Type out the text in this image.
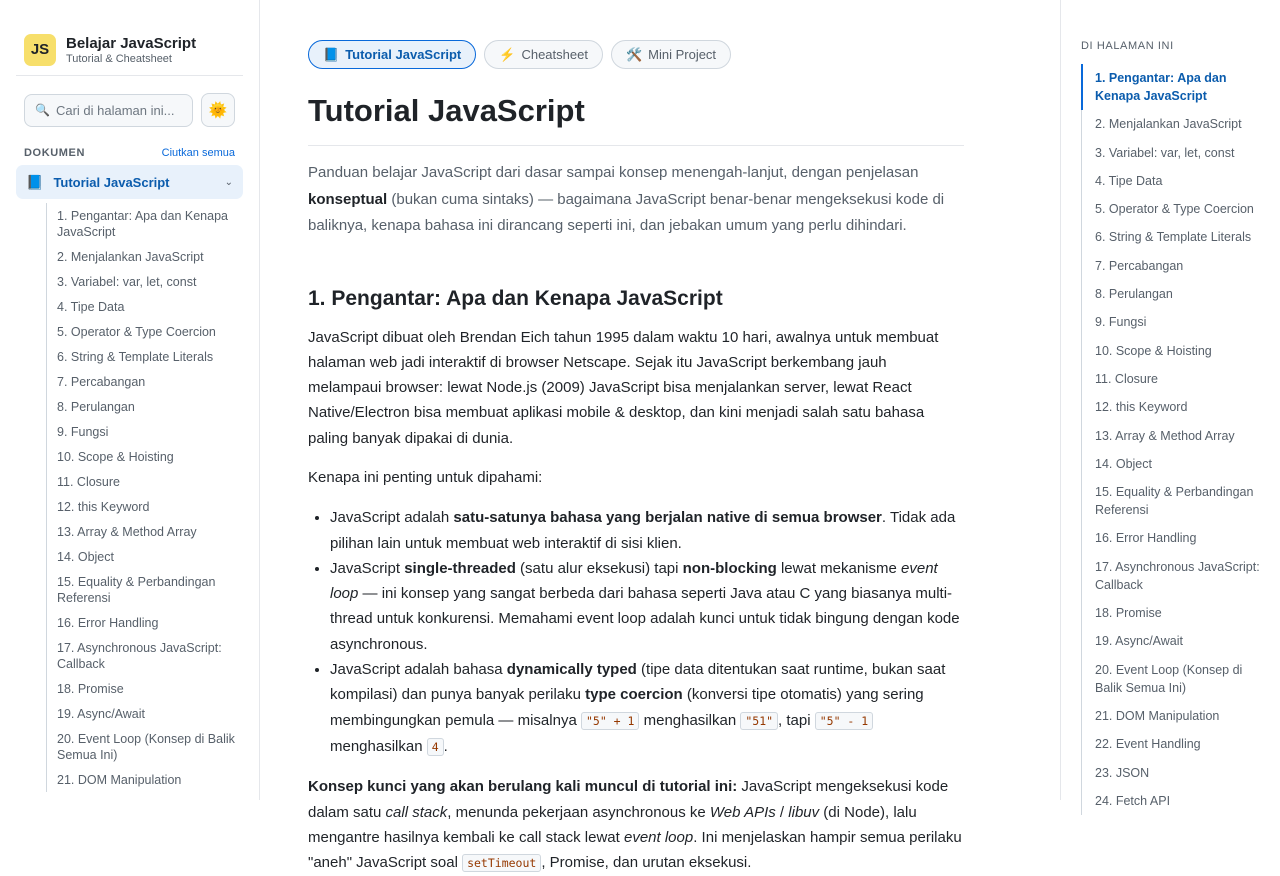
JS	Belajar JavaScript
Tutorial & Cheatsheet
🔍
Cari di halaman ini...	🌞
DOKUMEN	Ciutkan semua
📘 Tutorial JavaScript	⌄
1. Pengantar: Apa dan Kenapa JavaScript
2. Menjalankan JavaScript
3. Variabel: var, let, const
4. Tipe Data
5. Operator & Type Coercion
6. String & Template Literals
7. Percabangan
8. Perulangan
9. Fungsi
10. Scope & Hoisting
11. Closure
12. this Keyword
13. Array & Method Array
14. Object
15. Equality & Perbandingan Referensi
16. Error Handling
17. Asynchronous JavaScript: Callback
18. Promise
19. Async/Await
20. Event Loop (Konsep di Balik Semua Ini)
21. DOM Manipulation
📘 Tutorial JavaScript	⚡ Cheatsheet	🛠️ Mini Project
Tutorial JavaScript

Panduan belajar JavaScript dari dasar sampai konsep menengah-lanjut, dengan penjelasan konseptual (bukan cuma sintaks) — bagaimana JavaScript benar-benar mengeksekusi kode di baliknya, kenapa bahasa ini dirancang seperti ini, dan jebakan umum yang perlu dihindari.

1. Pengantar: Apa dan Kenapa JavaScript

JavaScript dibuat oleh Brendan Eich tahun 1995 dalam waktu 10 hari, awalnya untuk membuat halaman web jadi interaktif di browser Netscape. Sejak itu JavaScript berkembang jauh melampaui browser: lewat Node.js (2009) JavaScript bisa menjalankan server, lewat React Native/Electron bisa membuat aplikasi mobile & desktop, dan kini menjadi salah satu bahasa paling banyak dipakai di dunia.

Kenapa ini penting untuk dipahami:

• JavaScript adalah satu-satunya bahasa yang berjalan native di semua browser. Tidak ada pilihan lain untuk membuat web interaktif di sisi klien.
• JavaScript single-threaded (satu alur eksekusi) tapi non-blocking lewat mekanisme event loop — ini konsep yang sangat berbeda dari bahasa seperti Java atau C yang biasanya multi-thread untuk konkurensi. Memahami event loop adalah kunci untuk tidak bingung dengan kode asynchronous.
• JavaScript adalah bahasa dynamically typed (tipe data ditentukan saat runtime, bukan saat kompilasi) dan punya banyak perilaku type coercion (konversi tipe otomatis) yang sering membingungkan pemula — misalnya "5" + 1 menghasilkan "51" , tapi "5" - 1 menghasilkan 4 .

Konsep kunci yang akan berulang kali muncul di tutorial ini: JavaScript mengeksekusi kode dalam satu call stack, menunda pekerjaan asynchronous ke Web APIs / libuv (di Node), lalu mengantre hasilnya kembali ke call stack lewat event loop. Ini menjelaskan hampir semua perilaku "aneh" JavaScript soal setTimeout , Promise, dan urutan eksekusi.

DI HALAMAN INI
1. Pengantar: Apa dan Kenapa JavaScript
2. Menjalankan JavaScript
3. Variabel: var, let, const
4. Tipe Data
5. Operator & Type Coercion
6. String & Template Literals
7. Percabangan
8. Perulangan
9. Fungsi
10. Scope & Hoisting
11. Closure
12. this Keyword
13. Array & Method Array
14. Object
15. Equality & Perbandingan Referensi
16. Error Handling
17. Asynchronous JavaScript: Callback
18. Promise
19. Async/Await
20. Event Loop (Konsep di Balik Semua Ini)
21. DOM Manipulation
22. Event Handling
23. JSON
24. Fetch API
